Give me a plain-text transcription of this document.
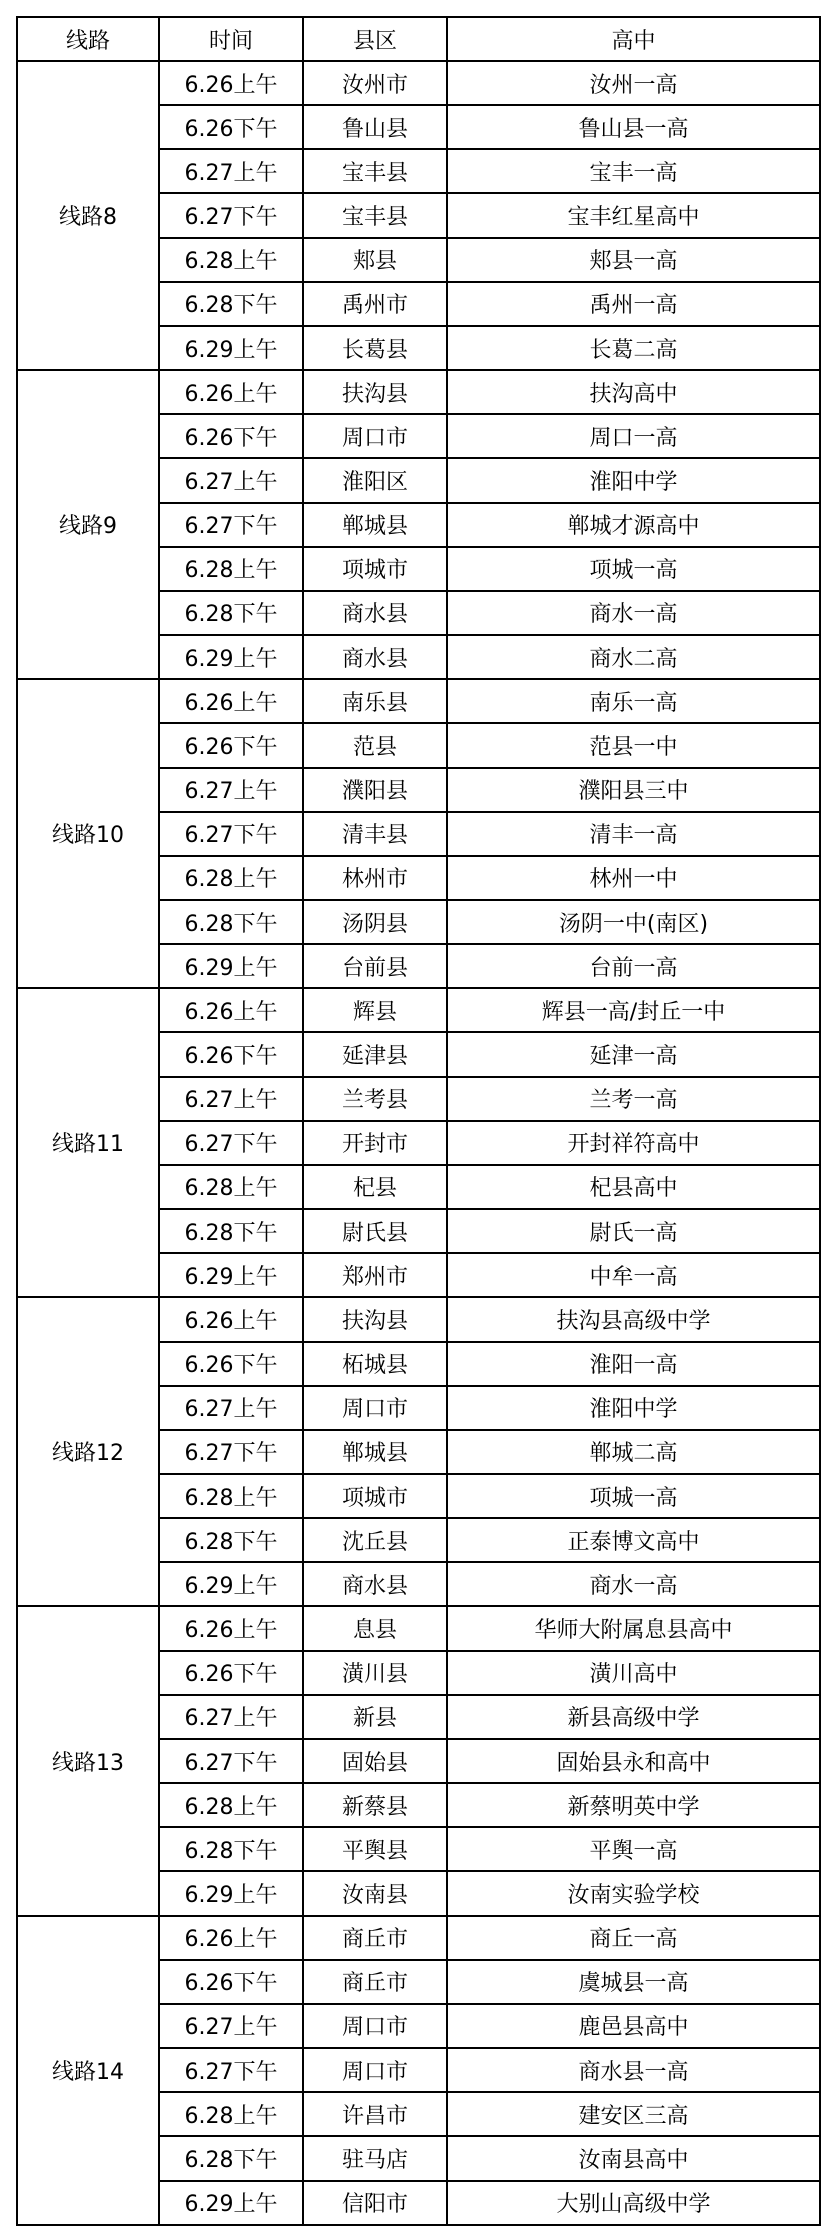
线路	时间	县区	高中
线路8	6.26上午	汝州市	汝州一高
	6.26下午	鲁山县	鲁山县一高
	6.27上午	宝丰县	宝丰一高
	6.27下午	宝丰县	宝丰红星高中
	6.28上午	郏县	郏县一高
	6.28下午	禹州市	禹州一高
	6.29上午	长葛县	长葛二高
线路9	6.26上午	扶沟县	扶沟高中
	6.26下午	周口市	周口一高
	6.27上午	淮阳区	淮阳中学
	6.27下午	郸城县	郸城才源高中
	6.28上午	项城市	项城一高
	6.28下午	商水县	商水一高
	6.29上午	商水县	商水二高
线路10	6.26上午	南乐县	南乐一高
	6.26下午	范县	范县一中
	6.27上午	濮阳县	濮阳县三中
	6.27下午	清丰县	清丰一高
	6.28上午	林州市	林州一中
	6.28下午	汤阴县	汤阴一中(南区)
	6.29上午	台前县	台前一高
线路11	6.26上午	辉县	辉县一高/封丘一中
	6.26下午	延津县	延津一高
	6.27上午	兰考县	兰考一高
	6.27下午	开封市	开封祥符高中
	6.28上午	杞县	杞县高中
	6.28下午	尉氏县	尉氏一高
	6.29上午	郑州市	中牟一高
线路12	6.26上午	扶沟县	扶沟县高级中学
	6.26下午	柘城县	淮阳一高
	6.27上午	周口市	淮阳中学
	6.27下午	郸城县	郸城二高
	6.28上午	项城市	项城一高
	6.28下午	沈丘县	正泰博文高中
	6.29上午	商水县	商水一高
线路13	6.26上午	息县	华师大附属息县高中
	6.26下午	潢川县	潢川高中
	6.27上午	新县	新县高级中学
	6.27下午	固始县	固始县永和高中
	6.28上午	新蔡县	新蔡明英中学
	6.28下午	平舆县	平舆一高
	6.29上午	汝南县	汝南实验学校
线路14	6.26上午	商丘市	商丘一高
	6.26下午	商丘市	虞城县一高
	6.27上午	周口市	鹿邑县高中
	6.27下午	周口市	商水县一高
	6.28上午	许昌市	建安区三高
	6.28下午	驻马店	汝南县高中
	6.29上午	信阳市	大别山高级中学
